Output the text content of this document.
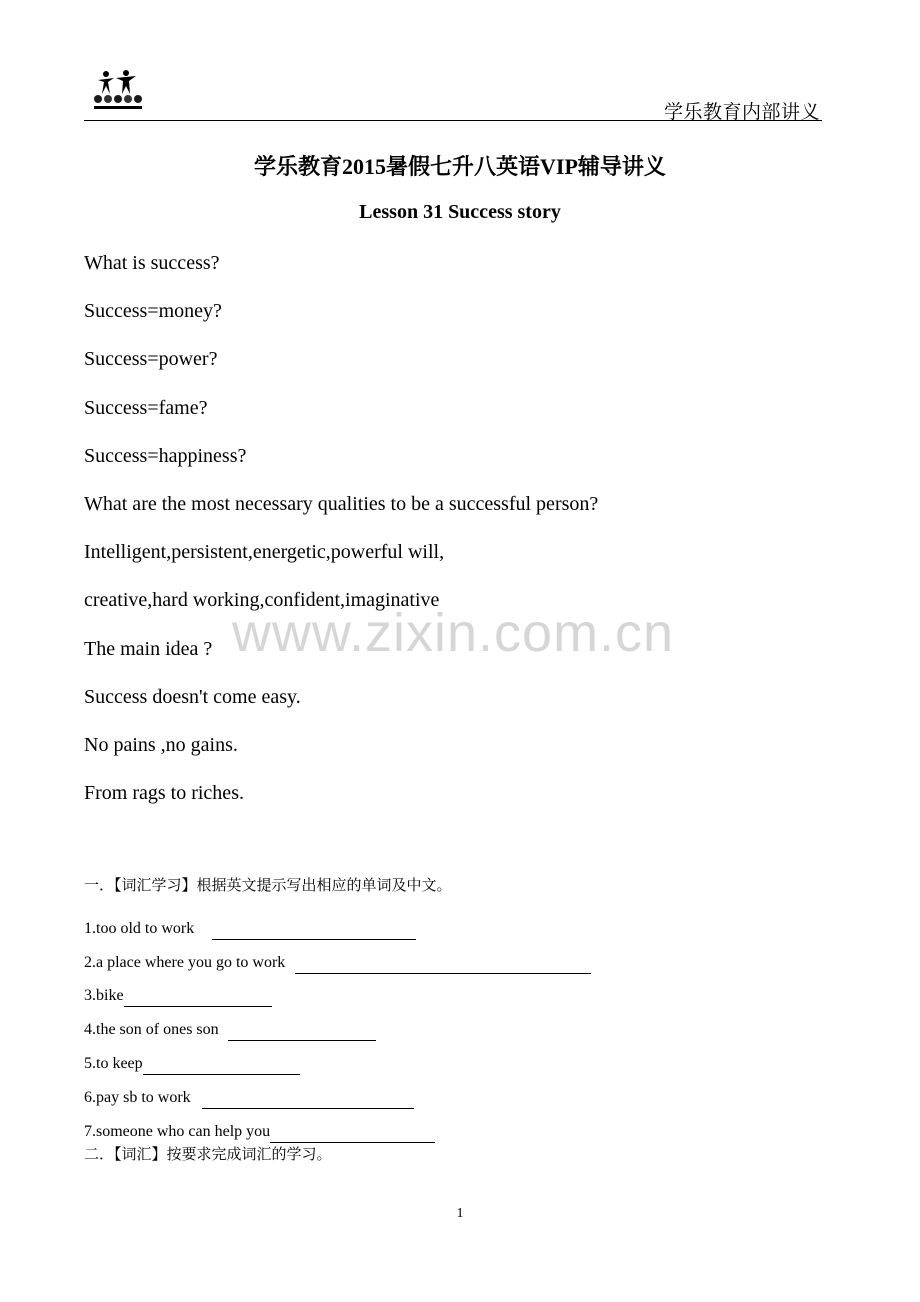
学乐教育内部讲义
学乐教育2015暑假七升八英语VIP辅导讲义
Lesson 31 Success story
What is success?
Success=money?
Success=power?
Success=fame?
Success=happiness?
What are the most necessary qualities to be a successful person?
Intelligent,persistent,energetic,powerful will,
creative,hard working,confident,imaginative
The main idea ?
Success doesn't come easy.
No pains ,no gains.
From rags to riches.
www.zixin.com.cn
一．【词汇学习】根据英文提示写出相应的单词及中文。
1.too old to work
2.a place where you go to work
3.bike
4.the son of ones son
5.to keep
6.pay sb to work
7.someone who can help you
二．【词汇】按要求完成词汇的学习。
1
